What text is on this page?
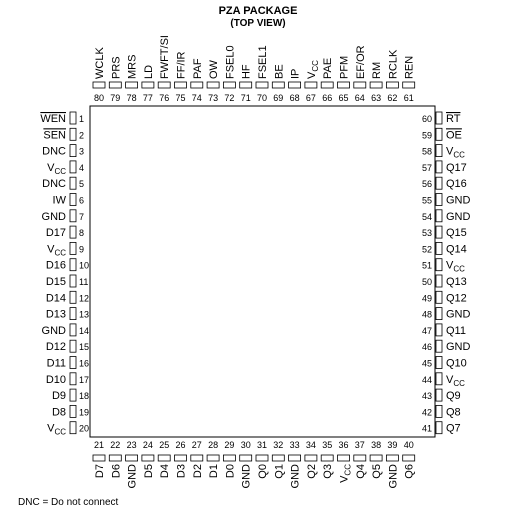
PZA PACKAGE
(TOP VIEW)
WEN 1
SEN 2
DNC 3
$V_{CC}$ 4
DNC 5
IW 6
GND 7
D17 8
$V_{CC}$ 9
D16 10
D15 11
D14 12
D13 13
GND 14
D12 15
D11 16
D10 17
D9 18
D8 19
$V_{CC}$ 20
RT
60
OE
59
$V_{CC}$
58
Q17
57
Q16
56
GND
55
GND
54
Q15
53
Q14
52
$V_{CC}$
51
Q13
50
Q12
49
GND
48
Q11
47
GND
46
Q10
45
$V_{CC}$
44
Q9
43
Q8
42
Q7
41
WCLK
80
PRS
79
MRS
78
LD
77
FWFT/SI
76
FF/IR
75
PAF
74
OW
73
FSEL0
72
HF
71
FSEL1
70
BE
69
IP
68
$V_{CC}$
67
PAE
66
PFM
65
EF/OR
64
RM
63
RCLK
62
REN
61
D7
21
D6
22
GND
23
D5
24
D4
25
D3
26
D2
27
D1
28
D0
29
GND
30
Q0
31
Q1
32
GND
33
Q2
34
Q3
35
$V_{CC}$
36
Q4
37
Q5
38
GND
39
Q6
40
DNC = Do not connect
